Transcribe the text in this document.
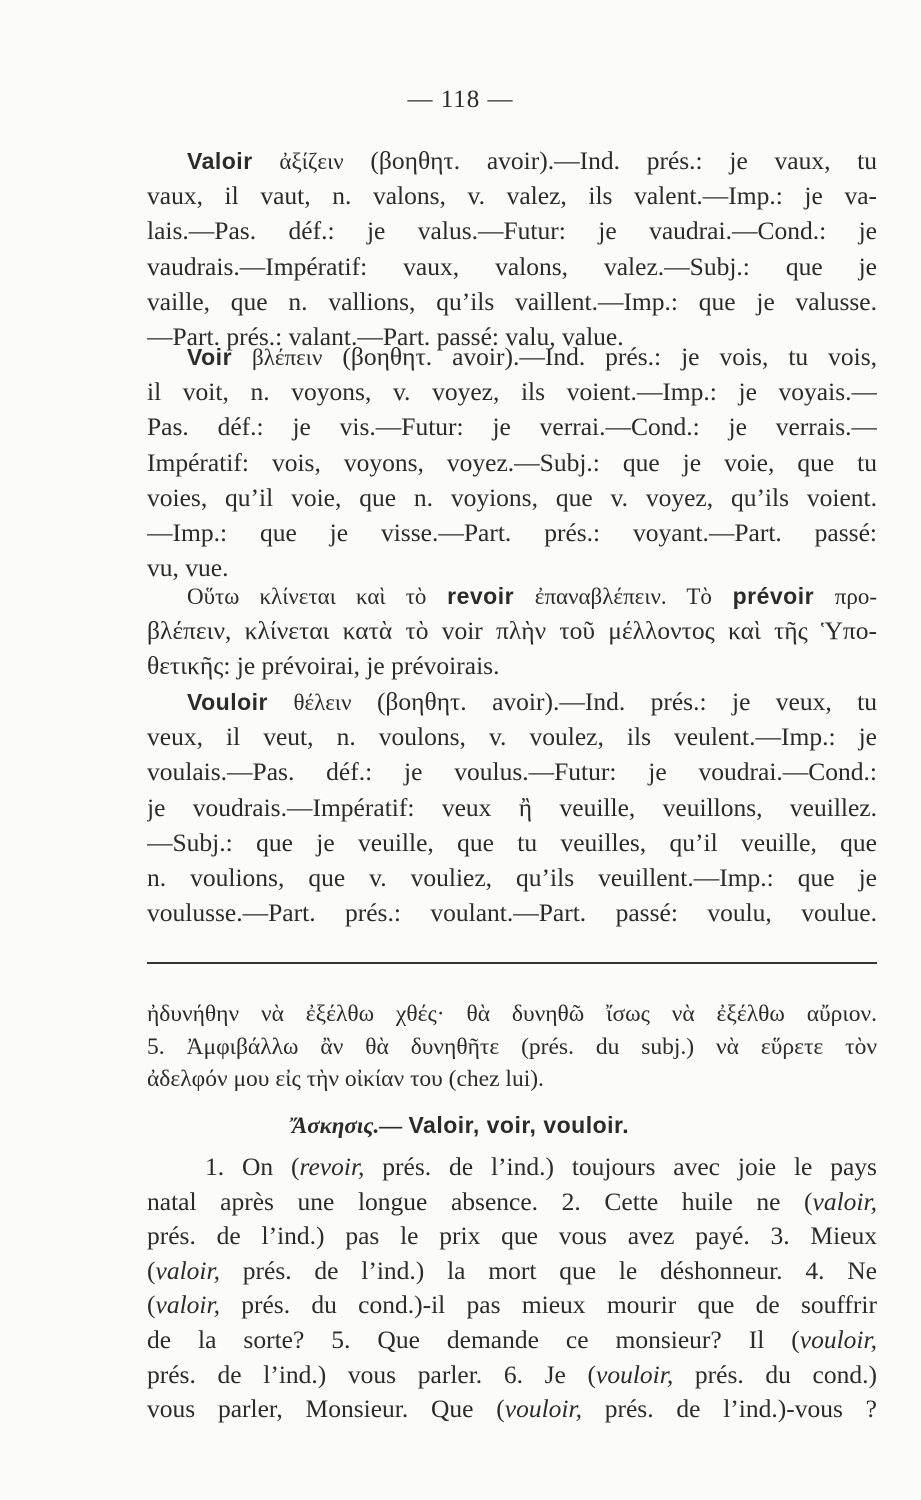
— 118 —
Valoir ἀξίζειν (βοηθητ. avoir).—Ind. prés.: je vaux, tu
vaux, il vaut, n. valons, v. valez, ils valent.—Imp.: je va-
lais.—Pas. déf.: je valus.—Futur: je vaudrai.—Cond.: je
vaudrais.—Impératif: vaux, valons, valez.—Subj.: que je
vaille, que n. vallions, qu’ils vaillent.—Imp.: que je valusse.
—Part. prés.: valant.—Part. passé: valu, value.
Voir βλέπειν (βοηθητ. avoir).—Ind. prés.: je vois, tu vois,
il voit, n. voyons, v. voyez, ils voient.—Imp.: je voyais.—
Pas. déf.: je vis.—Futur: je verrai.—Cond.: je verrais.—
Impératif: vois, voyons, voyez.—Subj.: que je voie, que tu
voies, qu’il voie, que n. voyions, que v. voyez, qu’ils voient.
—Imp.: que je visse.—Part. prés.: voyant.—Part. passé:
vu, vue.
Οὕτω κλίνεται καὶ τὸ revoir ἐπαναβλέπειν. Τὸ prévoir προ-
βλέπειν, κλίνεται κατὰ τὸ voir πλὴν τοῦ μέλλοντος καὶ τῆς Ὑπο-
θετικῆς: je prévoirai, je prévoirais.
Vouloir θέλειν (βοηθητ. avoir).—Ind. prés.: je veux, tu
veux, il veut, n. voulons, v. voulez, ils veulent.—Imp.: je
voulais.—Pas. déf.: je voulus.—Futur: je voudrai.—Cond.:
je voudrais.—Impératif: veux ἢ veuille, veuillons, veuillez.
—Subj.: que je veuille, que tu veuilles, qu’il veuille, que
n. voulions, que v. vouliez, qu’ils veuillent.—Imp.: que je
voulusse.—Part. prés.: voulant.—Part. passé: voulu, voulue.
ἠδυνήθην νὰ ἐξέλθω χθές· θὰ δυνηθῶ ἴσως νὰ ἐξέλθω αὔριον.
5. Ἀμφιβάλλω ἂν θὰ δυνηθῆτε (prés. du subj.) νὰ εὕρετε τὸν
ἀδελφόν μου εἰς τὴν οἰκίαν του (chez lui).
Ἄσκησις.— Valoir, voir, vouloir.
1. On (revoir, prés. de l’ind.) toujours avec joie le pays
natal après une longue absence. 2. Cette huile ne (valoir,
prés. de l’ind.) pas le prix que vous avez payé. 3. Mieux
(valoir, prés. de l’ind.) la mort que le déshonneur. 4. Ne
(valoir, prés. du cond.)-il pas mieux mourir que de souffrir
de la sorte? 5. Que demande ce monsieur? Il (vouloir,
prés. de l’ind.) vous parler. 6. Je (vouloir, prés. du cond.)
vous parler, Monsieur. Que (vouloir, prés. de l’ind.)-vous ?
